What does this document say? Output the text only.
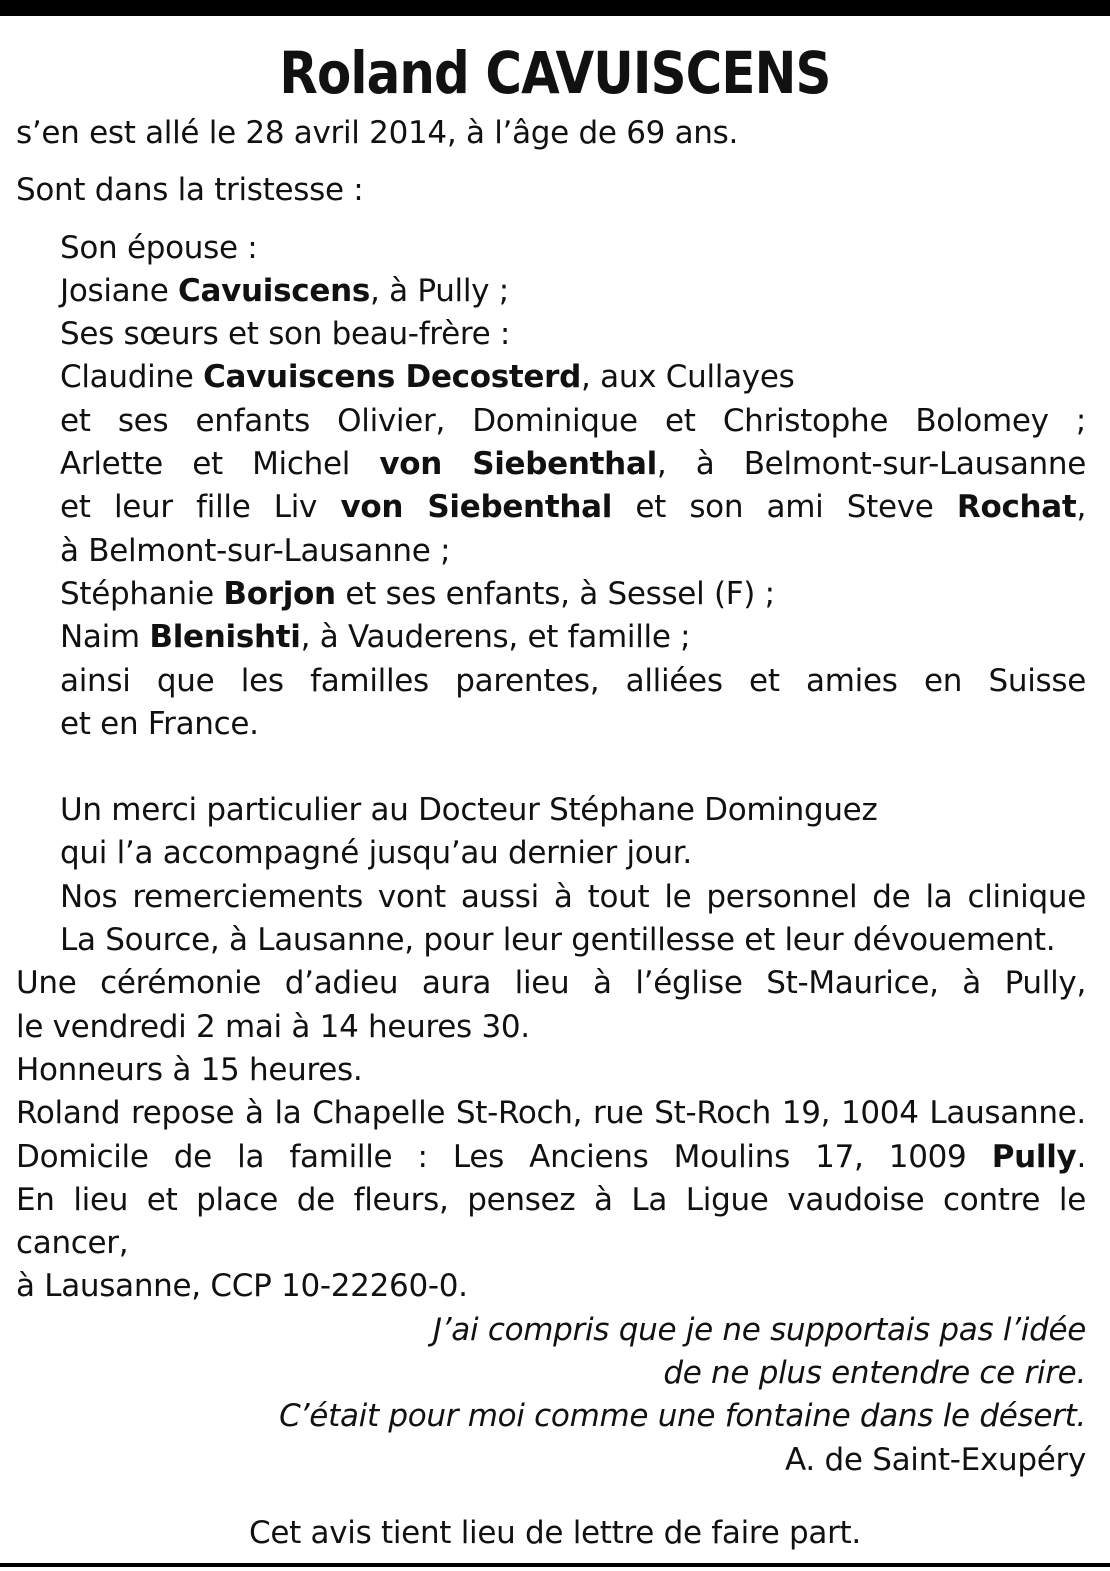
Roland CAVUISCENS

s’en est allé le 28 avril 2014, à l’âge de 69 ans.

Sont dans la tristesse :

Son épouse :
Josiane Cavuiscens, à Pully ;
Ses sœurs et son beau-frère :
Claudine Cavuiscens Decosterd, aux Cullayes
et ses enfants Olivier, Dominique et Christophe Bolomey ;
Arlette et Michel von Siebenthal, à Belmont-sur-Lausanne
et leur fille Liv von Siebenthal et son ami Steve Rochat,
à Belmont-sur-Lausanne ;
Stéphanie Borjon et ses enfants, à Sessel (F) ;
Naim Blenishti, à Vauderens, et famille ;
ainsi que les familles parentes, alliées et amies en Suisse
et en France.
Un merci particulier au Docteur Stéphane Dominguez
qui l’a accompagné jusqu’au dernier jour.
Nos remerciements vont aussi à tout le personnel de la clinique
La Source, à Lausanne, pour leur gentillesse et leur dévouement.
Une cérémonie d’adieu aura lieu à l’église St-Maurice, à Pully,
le vendredi 2 mai à 14 heures 30.
Honneurs à 15 heures.
Roland repose à la Chapelle St-Roch, rue St-Roch 19, 1004 Lausanne.
Domicile de la famille : Les Anciens Moulins 17, 1009 Pully.
En lieu et place de fleurs, pensez à La Ligue vaudoise contre le cancer,
à Lausanne, CCP 10-22260-0.
J’ai compris que je ne supportais pas l’idée
de ne plus entendre ce rire.
C’était pour moi comme une fontaine dans le désert.
A. de Saint-Exupéry
Cet avis tient lieu de lettre de faire part.
